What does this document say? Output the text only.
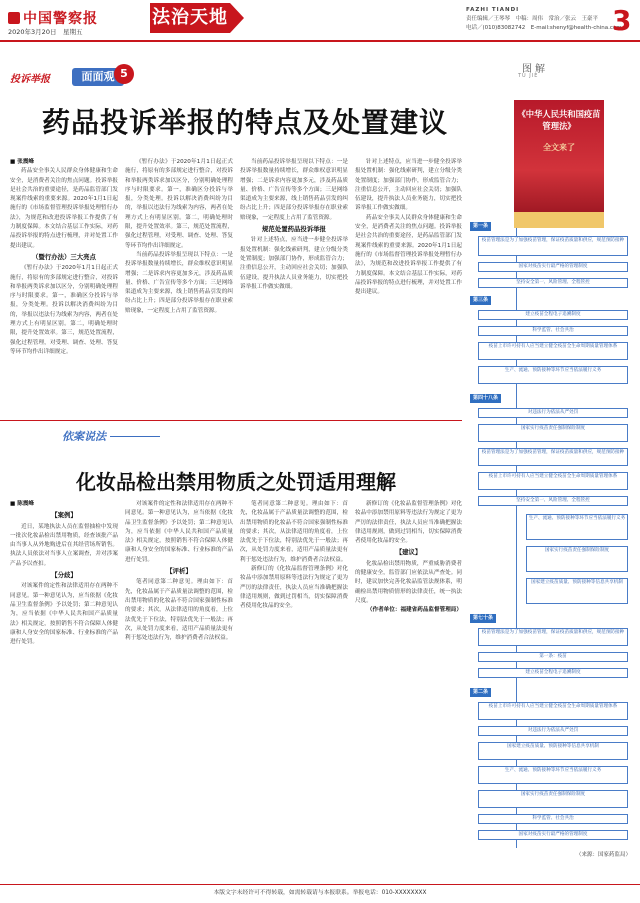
中国警察报
2020年3月20日　星期五
法治天地	FAZHI TIANDI
责任编辑／王琴琴　中稿：周伟　常治／张云　王豪平
电话／(010)83082742　E-mail:shenyf@health-china.com
3
投诉举报	面面观 5
药品投诉举报的特点及处置建议

■ 张震峰

药品安全事关人民群众身体健康和生命安全，是消费者关注的焦点问题。投诉举报是社会共治的重要途径，是药品监管部门发现案件线索的重要来源。2020年1月1日起施行的《市场监督管理投诉举报处理暂行办法》，为规范和改进投诉举报工作提供了有力制度保障。本文结合基层工作实际，对药品投诉举报的特点进行梳理，并对处置工作提出建议。

（暨行办法）三大亮点

《暂行办法》于2020年1月1日起正式施行，将原有的多部规定进行整合，对投诉和举报两类诉求加以区分，分别明确处理程序与时限要求。第一，准确区分投诉与举报，分类处理。投诉以解决消费纠纷为目的，举报以违法行为线索为内容，两者在处理方式上有明显区别。第二，明确处理时限，提升处置效率。第三，规范处置流程，强化过程管理，对受理、调查、处理、答复等环节均作出详细规定。

《暂行办法》于2020年1月1日起正式施行，将原有的多部规定进行整合，对投诉和举报两类诉求加以区分，分别明确处理程序与时限要求。第一，准确区分投诉与举报，分类处理。投诉以解决消费纠纷为目的，举报以违法行为线索为内容，两者在处理方式上有明显区别。第二，明确处理时限，提升处置效率。第三，规范处置流程，强化过程管理，对受理、调查、处理、答复等环节均作出详细规定。

当前药品投诉举报呈现以下特点：一是投诉举报数量持续增长，群众维权意识明显增强；二是诉求内容更加多元，涉及药品质量、价格、广告宣传等多个方面；三是网络渠道成为主要来源，线上销售药品引发的纠纷占比上升；四是部分投诉举报存在职业索赔现象，一定程度上占用了监管资源。

当前药品投诉举报呈现以下特点：一是投诉举报数量持续增长，群众维权意识明显增强；二是诉求内容更加多元，涉及药品质量、价格、广告宣传等多个方面；三是网络渠道成为主要来源，线上销售药品引发的纠纷占比上升；四是部分投诉举报存在职业索赔现象，一定程度上占用了监管资源。

规范处置药品投诉举报

针对上述特点，应当进一步健全投诉举报处置机制：强化线索研判，建立分级分类处置制度；加强部门协作，形成监管合力；注重信息公开，主动回应社会关切；加强队伍建设，提升执法人员业务能力，切实把投诉举报工作做实做细。

针对上述特点，应当进一步健全投诉举报处置机制：强化线索研判，建立分级分类处置制度；加强部门协作，形成监管合力；注重信息公开，主动回应社会关切；加强队伍建设，提升执法人员业务能力，切实把投诉举报工作做实做细。

药品安全事关人民群众身体健康和生命安全，是消费者关注的焦点问题。投诉举报是社会共治的重要途径，是药品监管部门发现案件线索的重要来源。2020年1月1日起施行的《市场监督管理投诉举报处理暂行办法》，为规范和改进投诉举报工作提供了有力制度保障。本文结合基层工作实际，对药品投诉举报的特点进行梳理，并对处置工作提出建议。

依案说法
化妆品检出禁用物质之处罚适用理解

■ 陈震峰

【案例】

近日，某地执法人员在监督抽检中发现一批次化妆品检出禁用物质，经查该批产品由当事人从外地购进后在其经营场所销售。执法人员依法对当事人立案调查，并对涉案产品予以查扣。

【分歧】

对该案件的定性和法律适用存在两种不同意见。第一种意见认为，应当依据《化妆品卫生监督条例》予以处罚；第二种意见认为，应当依据《中华人民共和国产品质量法》相关规定，按照销售不符合保障人体健康和人身安全的国家标准、行业标准的产品进行处罚。

对该案件的定性和法律适用存在两种不同意见。第一种意见认为，应当依据《化妆品卫生监督条例》予以处罚；第二种意见认为，应当依据《中华人民共和国产品质量法》相关规定，按照销售不符合保障人体健康和人身安全的国家标准、行业标准的产品进行处罚。

【评析】

笔者同意第二种意见。理由如下：首先，化妆品属于产品质量法调整的范围，检出禁用物质的化妆品不符合国家强制性标准的要求；其次，从法律适用的角度看，上位法优先于下位法，特别法优先于一般法；再次，从处罚力度来看，适用产品质量法更有利于惩处违法行为，维护消费者合法权益。

笔者同意第二种意见。理由如下：首先，化妆品属于产品质量法调整的范围，检出禁用物质的化妆品不符合国家强制性标准的要求；其次，从法律适用的角度看，上位法优先于下位法，特别法优先于一般法；再次，从处罚力度来看，适用产品质量法更有利于惩处违法行为，维护消费者合法权益。

新修订的《化妆品监督管理条例》对化妆品中添加禁用原料等违法行为规定了更为严厉的法律责任，执法人员应当准确把握法律适用规则，做到过罚相当，切实保障消费者使用化妆品的安全。

新修订的《化妆品监督管理条例》对化妆品中添加禁用原料等违法行为规定了更为严厉的法律责任，执法人员应当准确把握法律适用规则，做到过罚相当，切实保障消费者使用化妆品的安全。

【建议】

化妆品检出禁用物质，严重威胁消费者的健康安全，监管部门应依法从严查处。同时，建议加快完善化妆品监管法规体系，明确检出禁用物质情形的法律责任，统一执法尺度。

（作者单位：福建省药品监督管理局）

图解
TU JIE
《中华人民共和国疫苗管理法》
全文来了
第一条
疫苗管理法是为了加强疫苗管理，保证疫苗质量和供应，规范预防接种
国家对疫苗实行最严格的管理制度
坚持安全第一、风险管理、全程管控
第三条
建立疫苗全程电子追溯制度
科学监管、社会共治
疫苗上市许可持有人应当建立健全疫苗全生命周期质量管理体系
生产、流通、预防接种等环节应当依法履行义务
第四十八条
对违法行为依法从严处罚
国家实行疫苗责任强制保险制度
疫苗管理法是为了加强疫苗管理，保证疫苗质量和供应，规范预防接种
疫苗上市许可持有人应当建立健全疫苗全生命周期质量管理体系
坚持安全第一、风险管理、全程管控
生产、流通、预防接种等环节应当依法履行义务
国家实行疫苗责任强制保险制度
国家建立疫苗质量、预防接种等信息共享机制
第七十条
疫苗管理法是为了加强疫苗管理，保证疫苗质量和供应，规范预防接种
第一条：疫苗
建立疫苗全程电子追溯制度
第二条
疫苗上市许可持有人应当建立健全疫苗全生命周期质量管理体系
对违法行为依法从严处罚
国家建立疫苗质量、预防接种等信息共享机制
生产、流通、预防接种等环节应当依法履行义务
国家实行疫苗责任强制保险制度
科学监管、社会共治
国家对疫苗实行最严格的管理制度
（来源：国家药监局）
本版文字未经许可不得转载，如需转载请与本报联系。举报电话：010-XXXXXXXX
